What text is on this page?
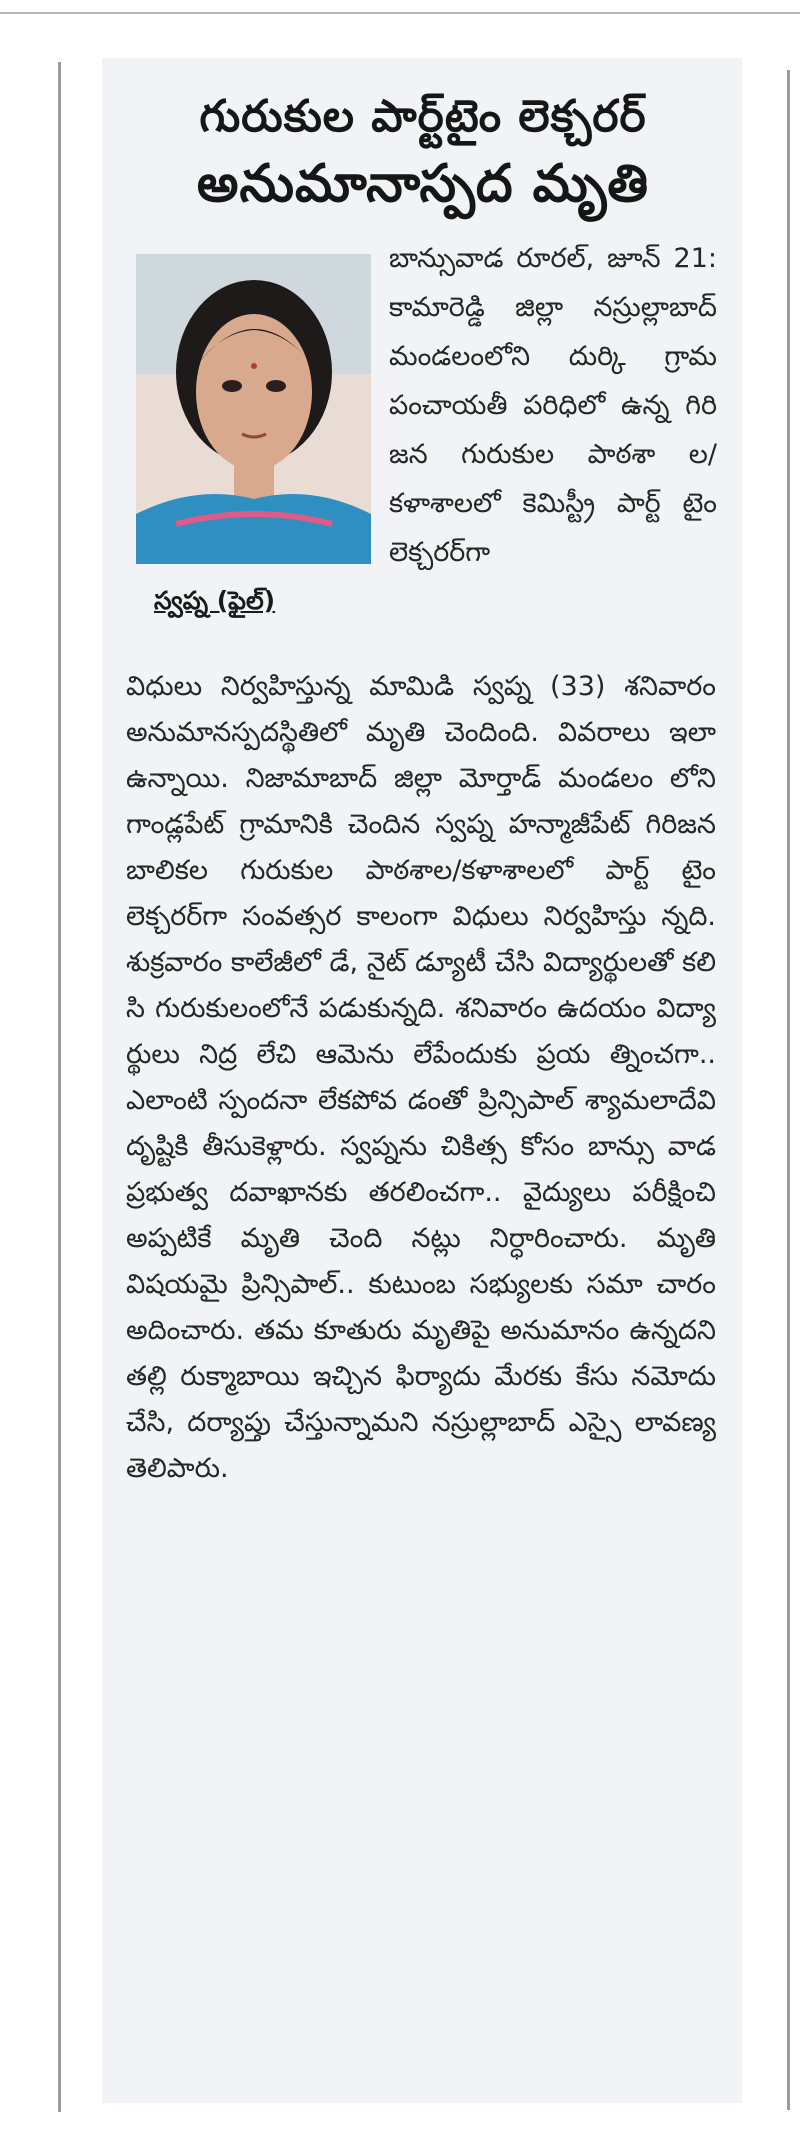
గురుకుల పార్ట్‌టైం లెక్చరర్
అనుమానాస్పద మృతి
స్వప్న (ఫైల్)
బాన్సువాడ రూరల్, జూన్ 21: కామారెడ్డి జిల్లా నస్రుల్లాబాద్ మండలంలోని దుర్కి గ్రామ పంచాయతీ పరిధిలో ఉన్న గిరి జన గురుకుల పాఠశా ల/కళాశాలలో కెమిస్ట్రీ పార్ట్ టైం లెక్చరర్‌గా
విధులు నిర్వహిస్తున్న మామిడి స్వప్న (33) శనివారం అనుమానస్పదస్థితిలో మృతి చెందింది. వివరాలు ఇలా ఉన్నాయి. నిజామాబాద్ జిల్లా మోర్తాడ్ మండలం లోని గాండ్లపేట్ గ్రామానికి చెందిన స్వప్న హన్మాజీపేట్ గిరిజన బాలికల గురుకుల పాఠశాల/కళాశాలలో పార్ట్ టైం లెక్చరర్‌గా సంవత్సర కాలంగా విధులు నిర్వహిస్తు న్నది. శుక్రవారం కాలేజీలో డే, నైట్ డ్యూటీ చేసి విద్యార్థులతో కలి సి గురుకులంలోనే పడుకున్నది. శనివారం ఉదయం విద్యా ర్థులు నిద్ర లేచి ఆమెను లేపేందుకు ప్రయ త్నించగా.. ఎలాంటి స్పందనా లేకపోవ డంతో ప్రిన్సిపాల్ శ్యామలాదేవి దృష్టికి తీసుకెళ్లారు. స్వప్నను చికిత్స కోసం బాన్సు వాడ ప్రభుత్వ దవాఖానకు తరలించగా.. వైద్యులు పరీక్షించి అప్పటికే మృతి చెంది నట్లు నిర్ధారించారు. మృతి విషయమై ప్రిన్సిపాల్.. కుటుంబ సభ్యులకు సమా చారం అదించారు. తమ కూతురు మృతిపై అనుమానం ఉన్నదని తల్లి రుక్మాబాయి ఇచ్చిన ఫిర్యాదు మేరకు కేసు నమోదు చేసి, దర్యాప్తు చేస్తున్నామని నస్రుల్లాబాద్ ఎస్సై లావణ్య తెలిపారు.
